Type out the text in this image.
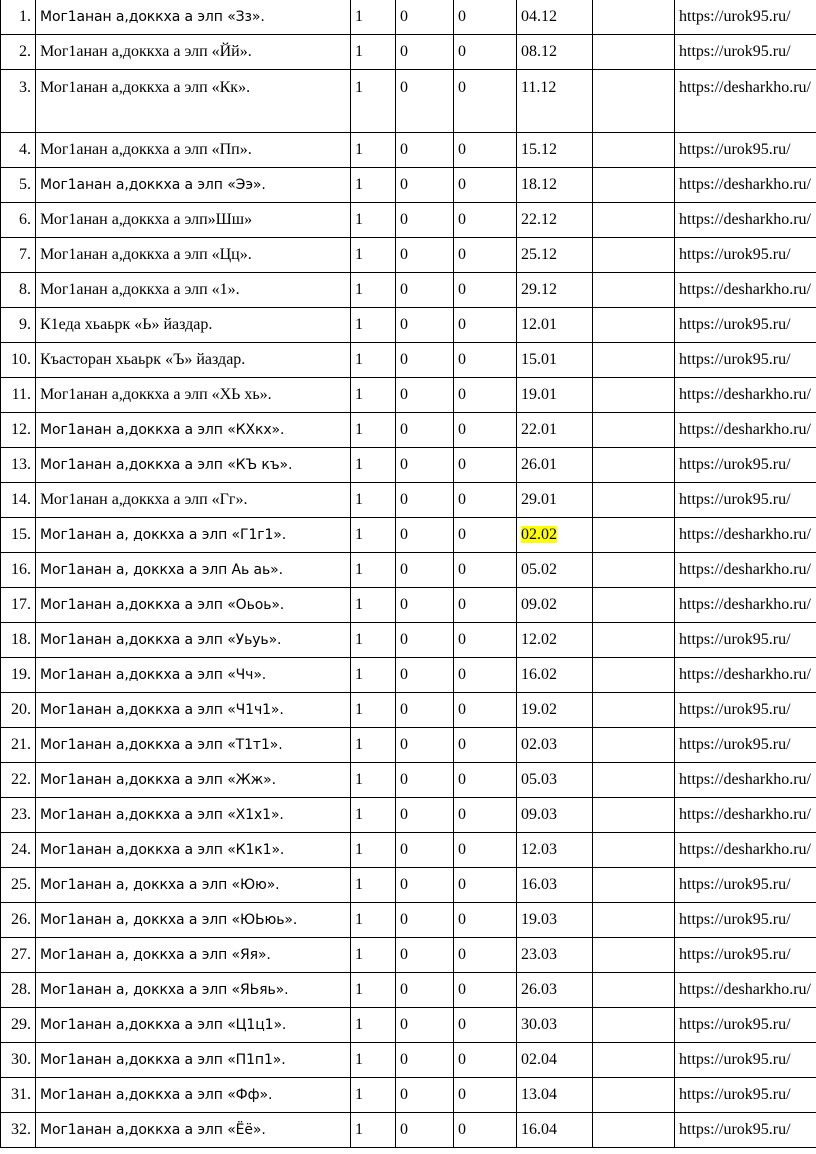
1.	Мог1анан а,доккха а элп «Зз».	1	0	0	04.12		https://urok95.ru/
2.	Мог1анан а,доккха а элп «Йй».	1	0	0	08.12		https://urok95.ru/
3.	Мог1анан а,доккха а элп «Кк».	1	0	0	11.12		https://desharkho.ru/
4.	Мог1анан а,доккха а элп «Пп».	1	0	0	15.12		https://urok95.ru/
5.	Мог1анан а,доккха а элп «Ээ».	1	0	0	18.12		https://desharkho.ru/
6.	Мог1анан а,доккха а элп»Шш»	1	0	0	22.12		https://desharkho.ru/
7.	Мог1анан а,доккха а элп «Цц».	1	0	0	25.12		https://urok95.ru/
8.	Мог1анан а,доккха а элп «1».	1	0	0	29.12		https://desharkho.ru/
9.	К1еда хьаьрк «Ь» йаздар.	1	0	0	12.01		https://urok95.ru/
10.	Къасторан хьаьрк «Ъ» йаздар.	1	0	0	15.01		https://urok95.ru/
11.	Мог1анан а,доккха а элп «ХЬ хь».	1	0	0	19.01		https://desharkho.ru/
12.	Мог1анан а,доккха а элп «КХкх».	1	0	0	22.01		https://desharkho.ru/
13.	Мог1анан а,доккха а элп «КЪ къ».	1	0	0	26.01		https://urok95.ru/
14.	Мог1анан а,доккха а элп «Гг».	1	0	0	29.01		https://urok95.ru/
15.	Мог1анан а, доккха а элп «Г1г1».	1	0	0	02.02		https://desharkho.ru/
16.	Мог1анан а, доккха а элп Аь аь».	1	0	0	05.02		https://desharkho.ru/
17.	Мог1анан а,доккха а элп «Оьоь».	1	0	0	09.02		https://desharkho.ru/
18.	Мог1анан а,доккха а элп «Уьуь».	1	0	0	12.02		https://urok95.ru/
19.	Мог1анан а,доккха а элп «Чч».	1	0	0	16.02		https://desharkho.ru/
20.	Мог1анан а,доккха а элп «Ч1ч1».	1	0	0	19.02		https://urok95.ru/
21.	Мог1анан а,доккха а элп «Т1т1».	1	0	0	02.03		https://urok95.ru/
22.	Мог1анан а,доккха а элп «Жж».	1	0	0	05.03		https://desharkho.ru/
23.	Мог1анан а,доккха а элп «Х1х1».	1	0	0	09.03		https://desharkho.ru/
24.	Мог1анан а,доккха а элп «К1к1».	1	0	0	12.03		https://desharkho.ru/
25.	Мог1анан а, доккха а элп «Юю».	1	0	0	16.03		https://urok95.ru/
26.	Мог1анан а, доккха а элп «ЮЬюь».	1	0	0	19.03		https://urok95.ru/
27.	Мог1анан а, доккха а элп «Яя».	1	0	0	23.03		https://urok95.ru/
28.	Мог1анан а, доккха а элп «ЯЬяь».	1	0	0	26.03		https://desharkho.ru/
29.	Мог1анан а,доккха а элп «Ц1ц1».	1	0	0	30.03		https://urok95.ru/
30.	Мог1анан а,доккха а элп «П1п1».	1	0	0	02.04		https://urok95.ru/
31.	Мог1анан а,доккха а элп «Фф».	1	0	0	13.04		https://urok95.ru/
32.	Мог1анан а,доккха а элп «Ёё».	1	0	0	16.04		https://urok95.ru/
